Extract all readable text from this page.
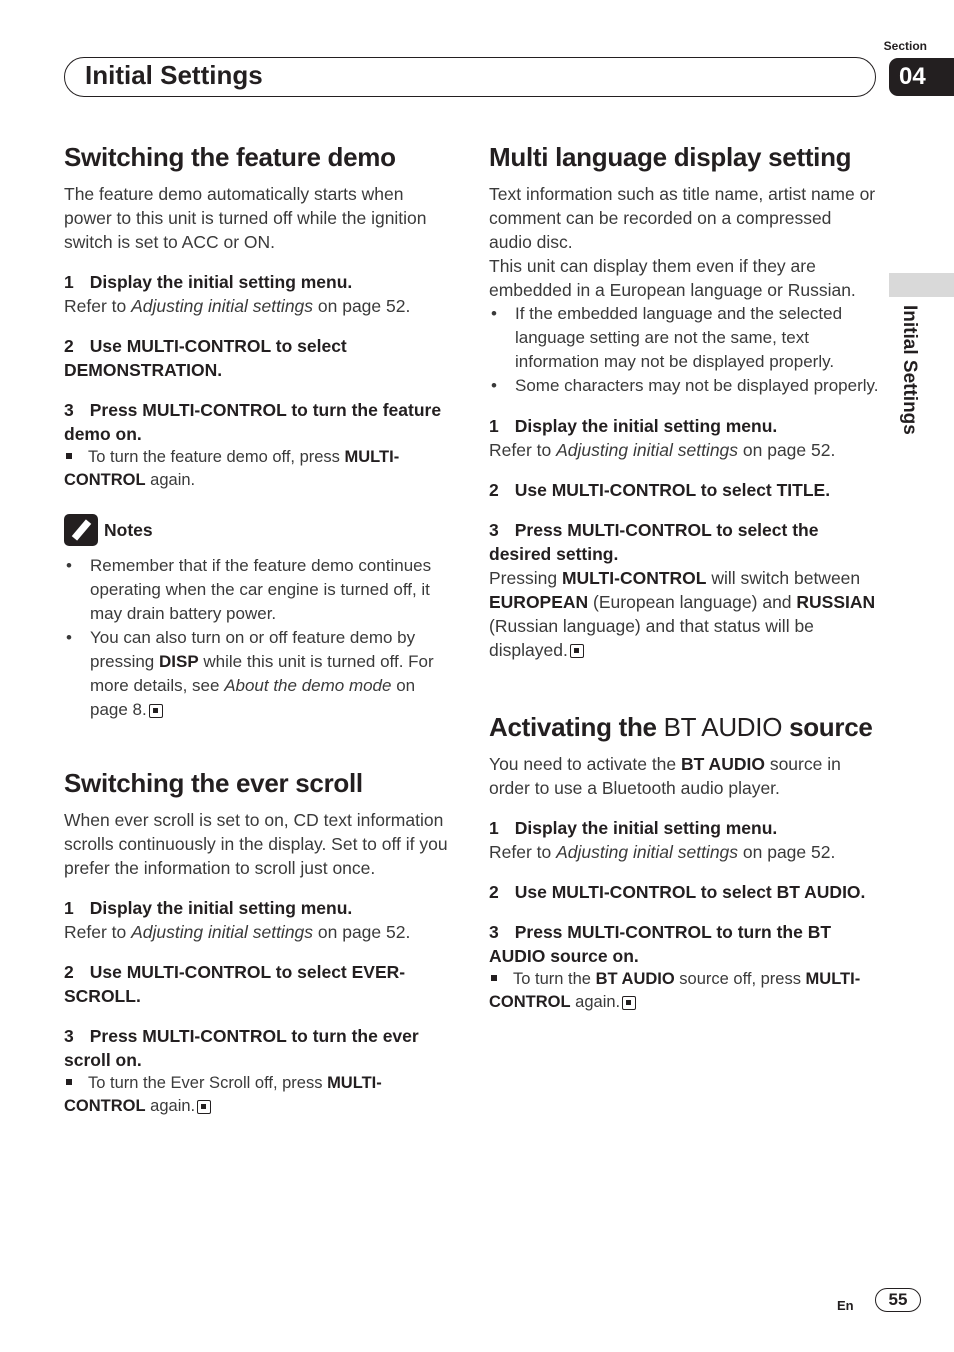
Section
04
Initial Settings
Initial Settings
Switching the feature demo

The feature demo automatically starts when power to this unit is turned off while the ignition switch is set to ACC or ON.

1 Display the initial setting menu.

Refer to Adjusting initial settings on page 52.

2 Use MULTI-CONTROL to select DEMONSTRATION.
3 Press MULTI-CONTROL to turn the feature demo on.
To turn the feature demo off, press MULTI-CONTROL again.
Notes
• Remember that if the feature demo continues operating when the car engine is turned off, it may drain battery power.
• You can also turn on or off feature demo by pressing DISP while this unit is turned off. For more details, see About the demo mode on page 8.
Switching the ever scroll

When ever scroll is set to on, CD text information scrolls continuously in the display. Set to off if you prefer the information to scroll just once.

1 Display the initial setting menu.

Refer to Adjusting initial settings on page 52.

2 Use MULTI-CONTROL to select EVER-SCROLL.
3 Press MULTI-CONTROL to turn the ever scroll on.
To turn the Ever Scroll off, press MULTI-CONTROL again.
Multi language display setting

Text information such as title name, artist name or comment can be recorded on a compressed audio disc.

This unit can display them even if they are embedded in a European language or Russian.

• If the embedded language and the selected language setting are not the same, text information may not be displayed properly.
• Some characters may not be displayed properly.
1 Display the initial setting menu.

Refer to Adjusting initial settings on page 52.

2 Use MULTI-CONTROL to select TITLE.
3 Press MULTI-CONTROL to select the desired setting.

Pressing MULTI-CONTROL will switch between EUROPEAN (European language) and RUSSIAN (Russian language) and that status will be displayed.

Activating the BT AUDIO source

You need to activate the BT AUDIO source in order to use a Bluetooth audio player.

1 Display the initial setting menu.

Refer to Adjusting initial settings on page 52.

2 Use MULTI-CONTROL to select BT AUDIO.
3 Press MULTI-CONTROL to turn the BT AUDIO source on.
To turn the BT AUDIO source off, press MULTI-CONTROL again.
En	55
